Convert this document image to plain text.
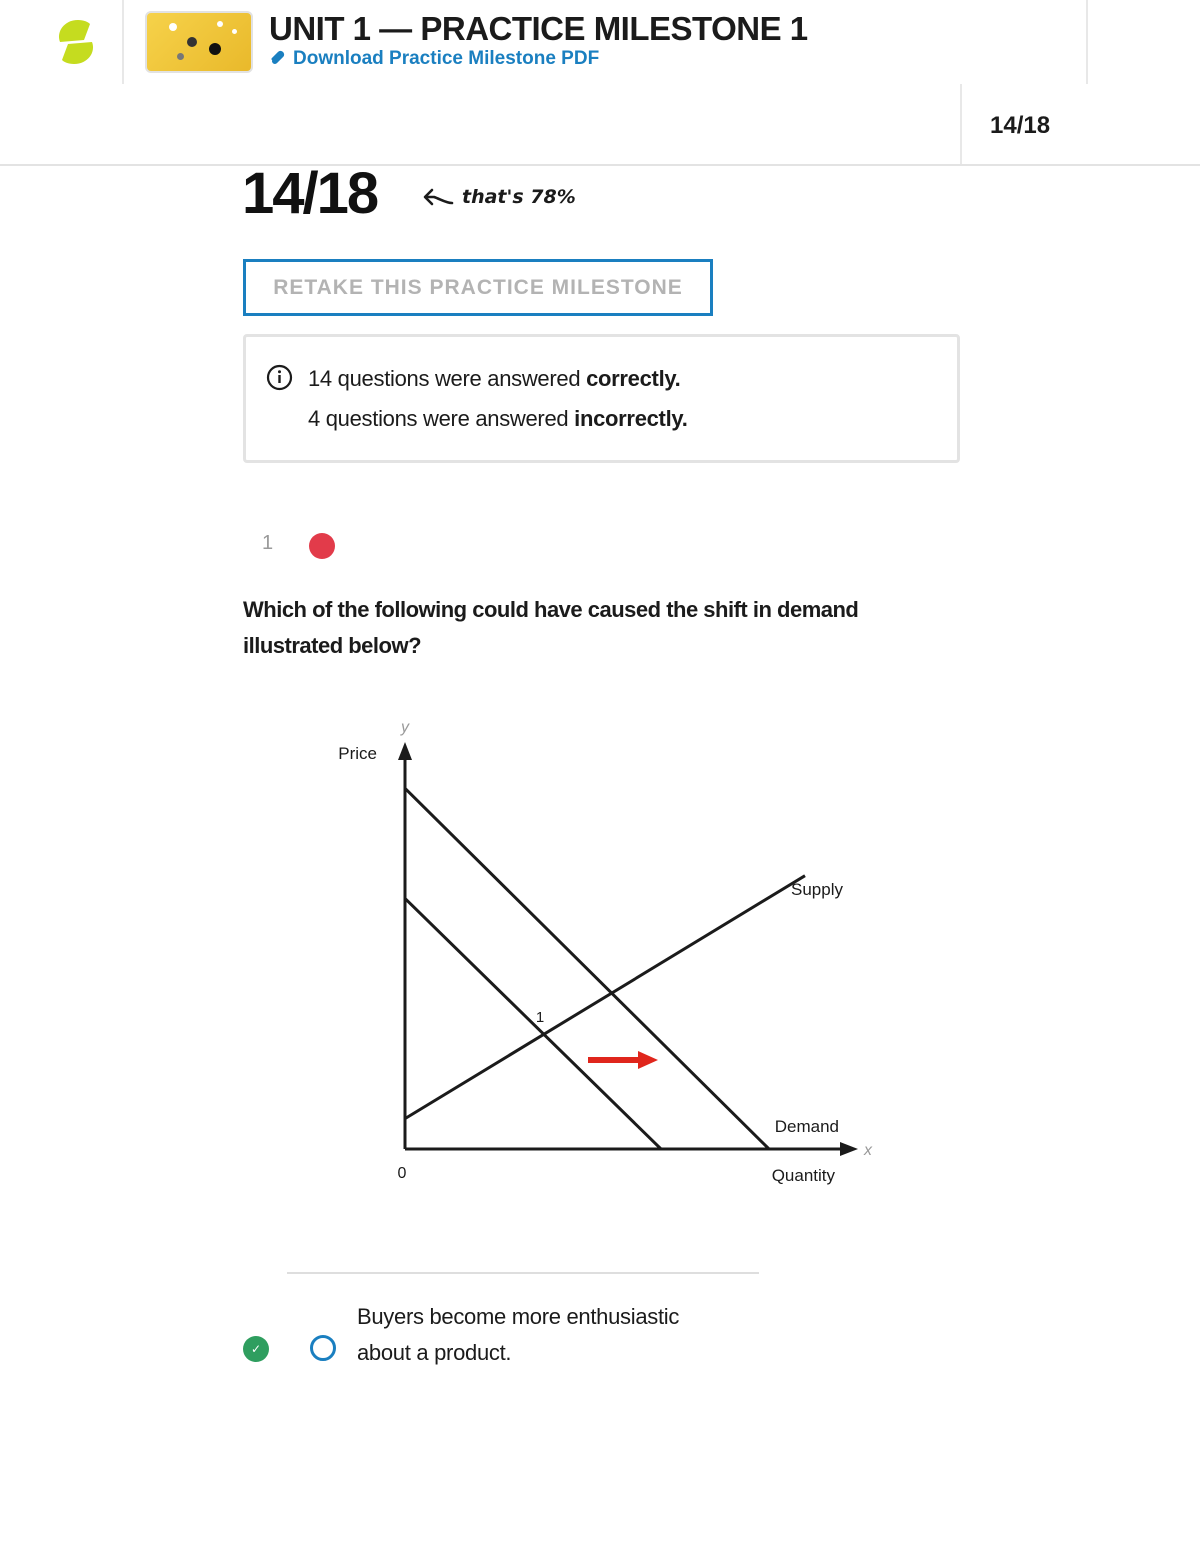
UNIT 1 — PRACTICE MILESTONE 1
Download Practice Milestone PDF
14/18
14/18	that's 78%
RETAKE THIS PRACTICE MILESTONE
14 questions were answered correctly.
4 questions were answered incorrectly.
1
Which of the following could have caused the shift in demand illustrated below?
y
Price
x
Quantity
0
Supply
Demand
1
✓
Buyers become more enthusiastic about a product.
